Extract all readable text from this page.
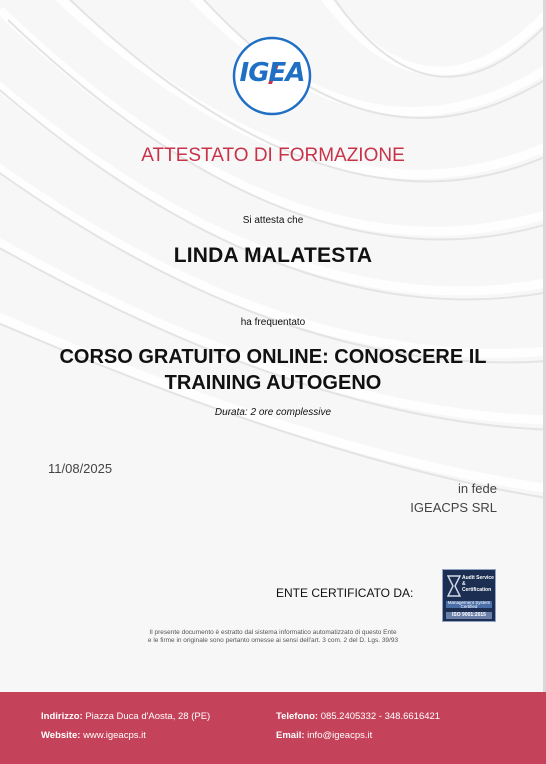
IGEA
ATTESTATO DI FORMAZIONE
Si attesta che
LINDA MALATESTA
ha frequentato
CORSO GRATUITO ONLINE: CONOSCERE IL
TRAINING AUTOGENO
Durata: 2 ore complessive
11/08/2025
in fede
IGEACPS SRL
ENTE CERTIFICATO DA:
Audit Service & Certification
Management System Certified
ISO 9001:2015
Il presente documento è estratto dal sistema informatico automatizzato di questo Ente
e le firme in originale sono pertanto omesse ai sensi dell'art. 3 com. 2 del D. Lgs. 39/93
Indirizzo: Piazza Duca d'Aosta, 28 (PE)
Website: www.igeacps.it
Telefono: 085.2405332 - 348.6616421
Email: info@igeacps.it
